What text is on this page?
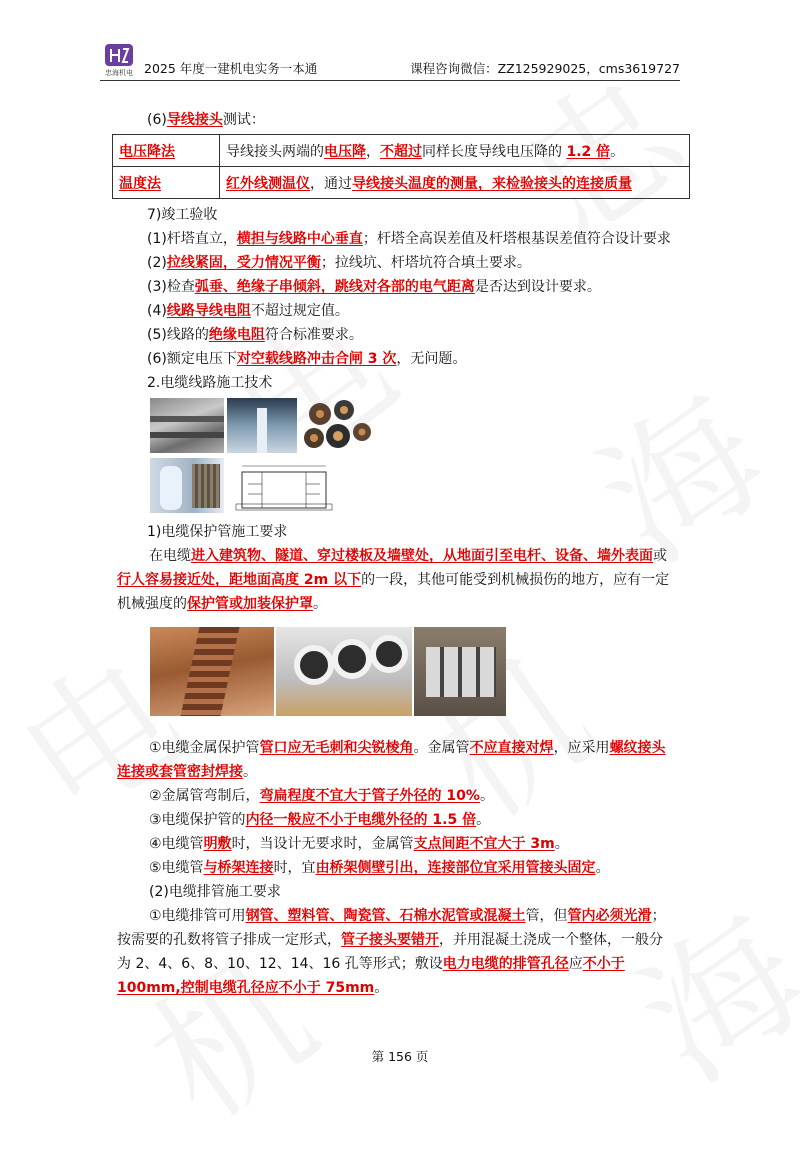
忠海机电 2025 年度一建机电实务一本通	课程咨询微信：ZZ125929025，cms3619727
(6)导线接头测试：
电压降法	导线接头两端的电压降，不超过同样长度导线电压降的 1.2 倍。
温度法	红外线测温仪，通过导线接头温度的测量，来检验接头的连接质量
7)竣工验收
(1)杆塔直立，横担与线路中心垂直；杆塔全高误差值及杆塔根基误差值符合设计要求
(2)拉线紧固，受力情况平衡；拉线坑、杆塔坑符合填土要求。
(3)检查弧垂、绝缘子串倾斜，跳线对各部的电气距离是否达到设计要求。
(4)线路导线电阻不超过规定值。
(5)线路的绝缘电阻符合标准要求。
(6)额定电压下对空载线路冲击合闸 3 次，无问题。
2.电缆线路施工技术
1)电缆保护管施工要求
在电缆进入建筑物、隧道、穿过楼板及墙壁处，从地面引至电杆、设备、墙外表面或
行人容易接近处，距地面高度 2m 以下的一段，其他可能受到机械损伤的地方，应有一定
机械强度的保护管或加装保护罩。
①电缆金属保护管管口应无毛刺和尖锐棱角。金属管不应直接对焊，应采用螺纹接头
连接或套管密封焊接。
②金属管弯制后，弯扁程度不宜大于管子外径的 10%。
③电缆保护管的内径一般应不小于电缆外径的 1.5 倍。
④电缆管明敷时，当设计无要求时，金属管支点间距不宜大于 3m。
⑤电缆管与桥架连接时，宜由桥架侧壁引出，连接部位宜采用管接头固定。
(2)电缆排管施工要求
①电缆排管可用钢管、塑料管、陶瓷管、石棉水泥管或混凝土管，但管内必须光滑；
按需要的孔数将管子排成一定形式，管子接头要错开，并用混凝土浇成一个整体，一般分
为 2、4、6、8、10、12、14、16 孔等形式；敷设电力电缆的排管孔径应不小于
100mm,控制电缆孔径应不小于 75mm。
第 156 页
